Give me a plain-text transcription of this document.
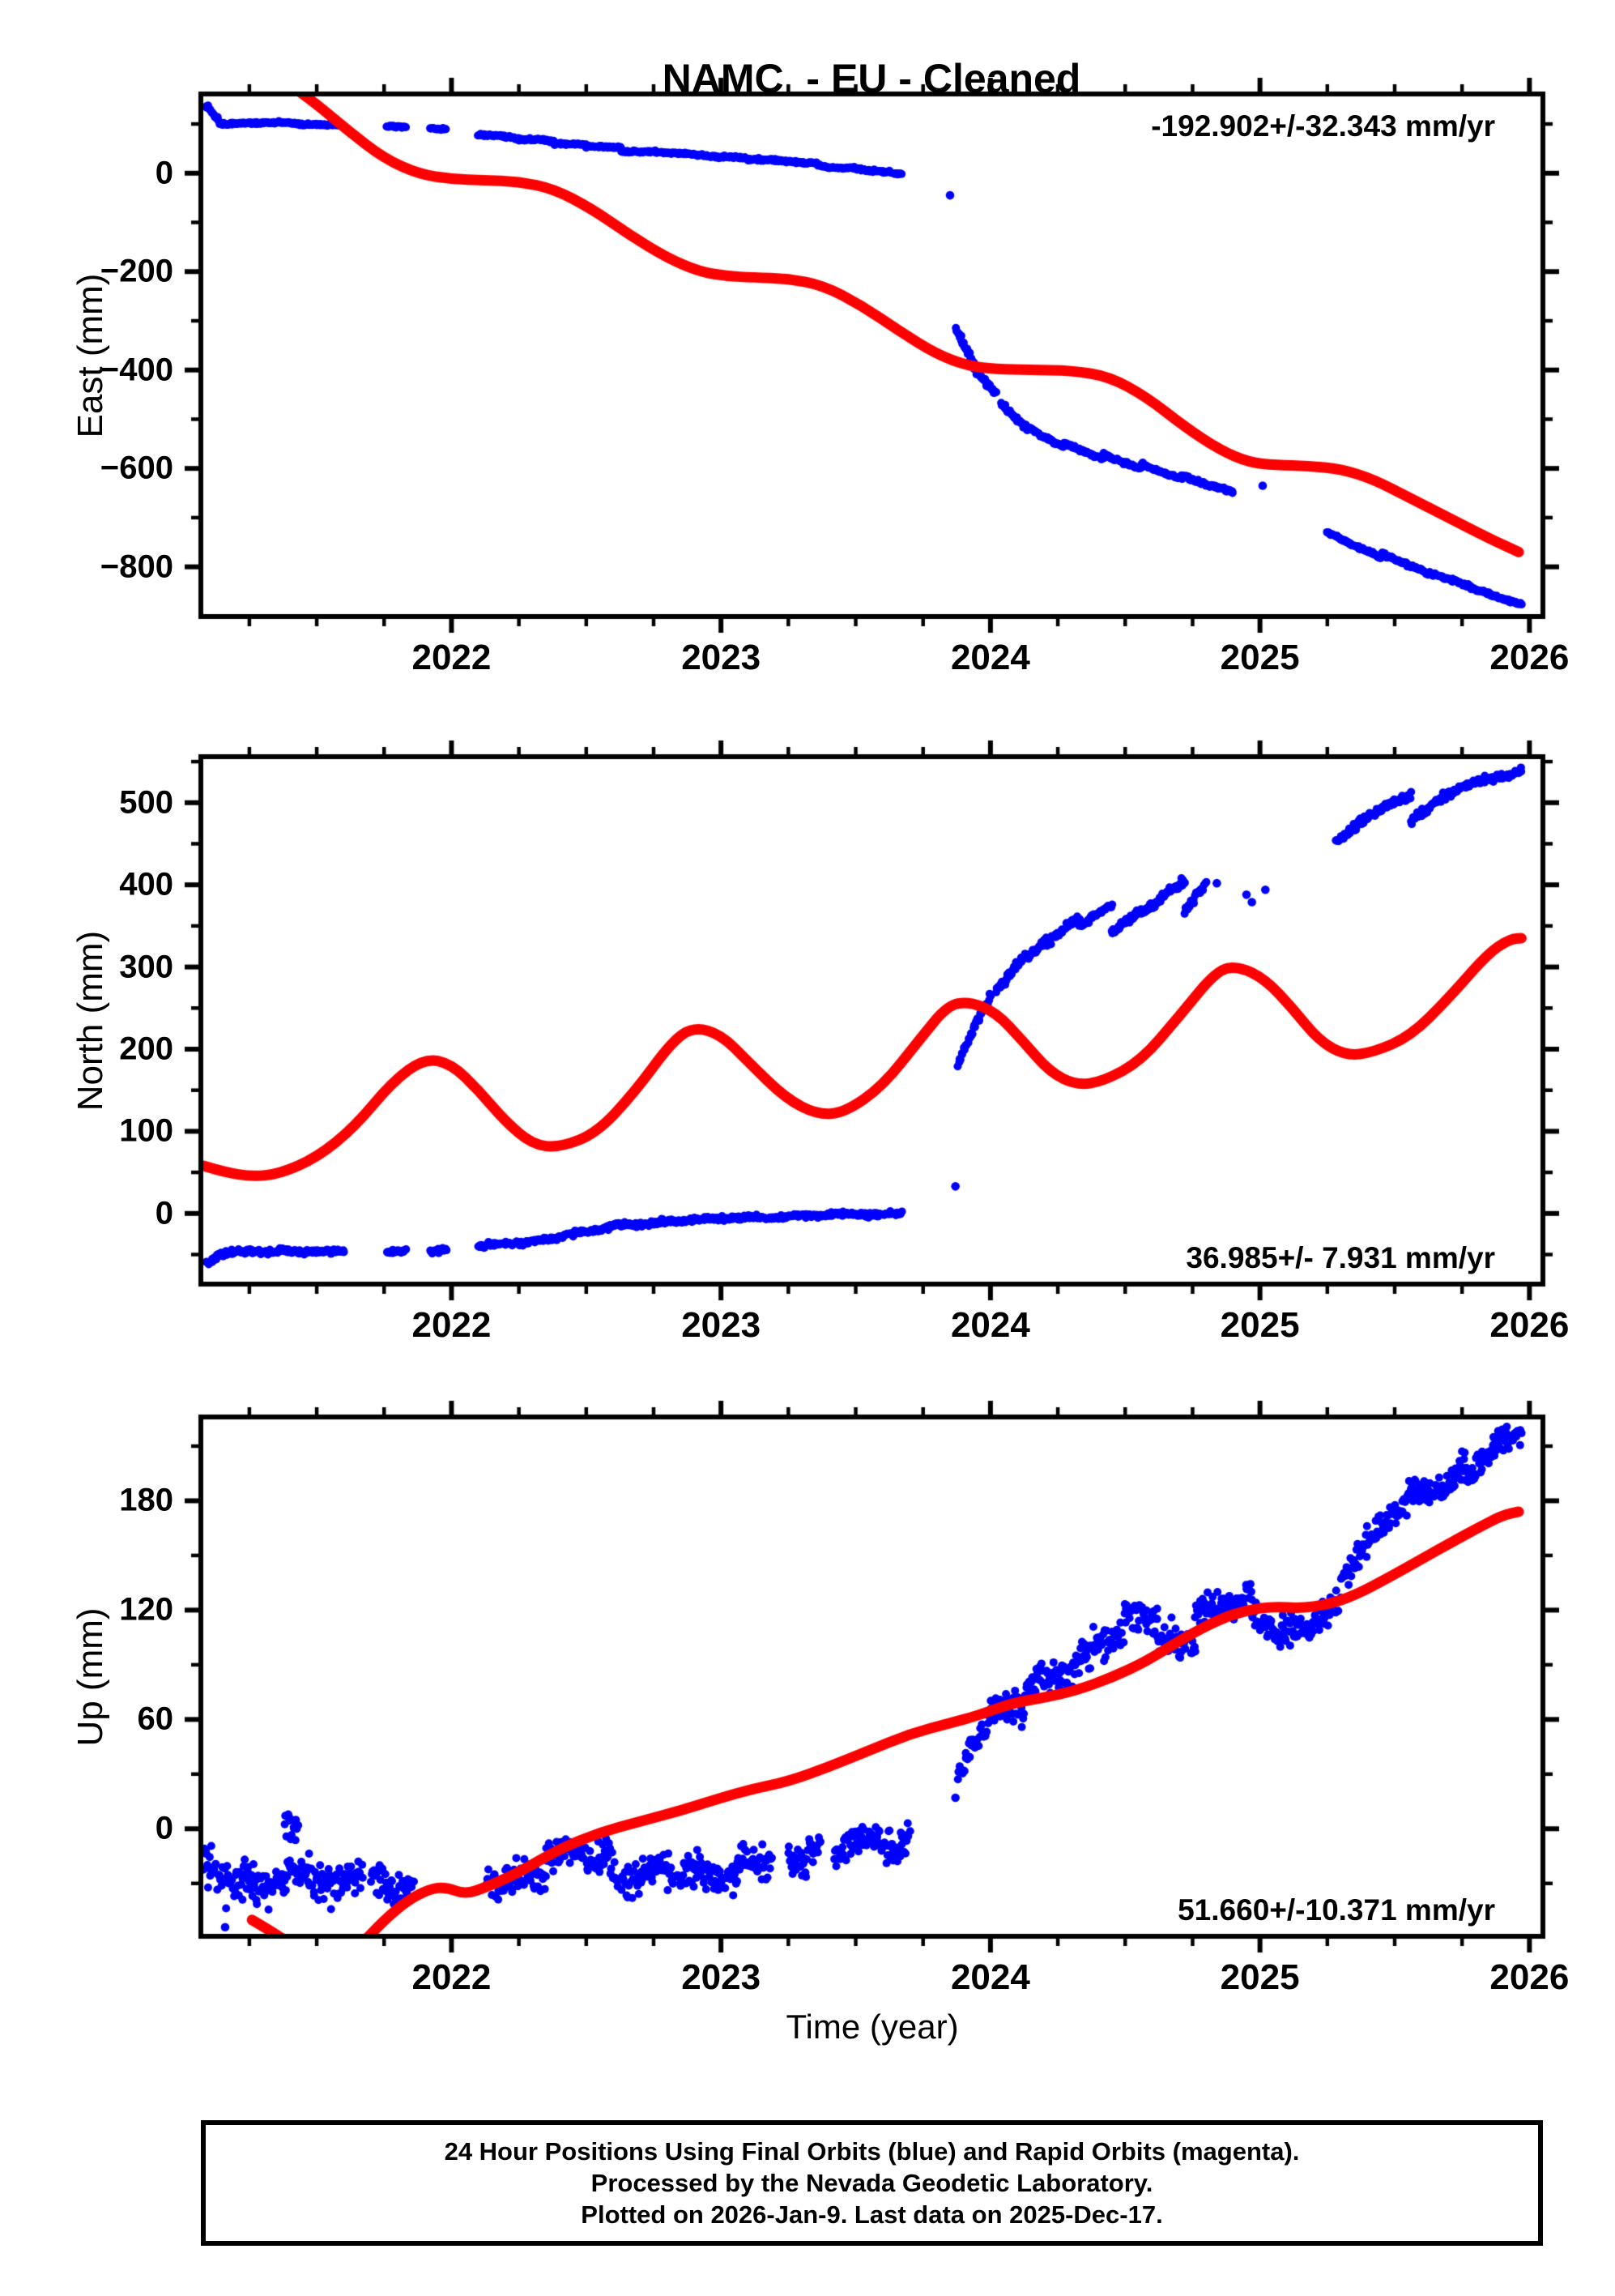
NAMC  - EU - Cleaned
0
−200
−400
−600
−800
2022	2023	2024	2025	2026
East (mm)
-192.902+/-32.343 mm/yr
0
100
200
300
400
500
2022	2023	2024	2025	2026
North (mm)
36.985+/- 7.931 mm/yr
0
60
120
180
2022	2023	2024	2025	2026
Up (mm)
51.660+/-10.371 mm/yr
Time (year)
24 Hour Positions Using Final Orbits (blue) and Rapid Orbits (magenta).
Processed by the Nevada Geodetic Laboratory.
Plotted on 2026-Jan-9. Last data on 2025-Dec-17.
